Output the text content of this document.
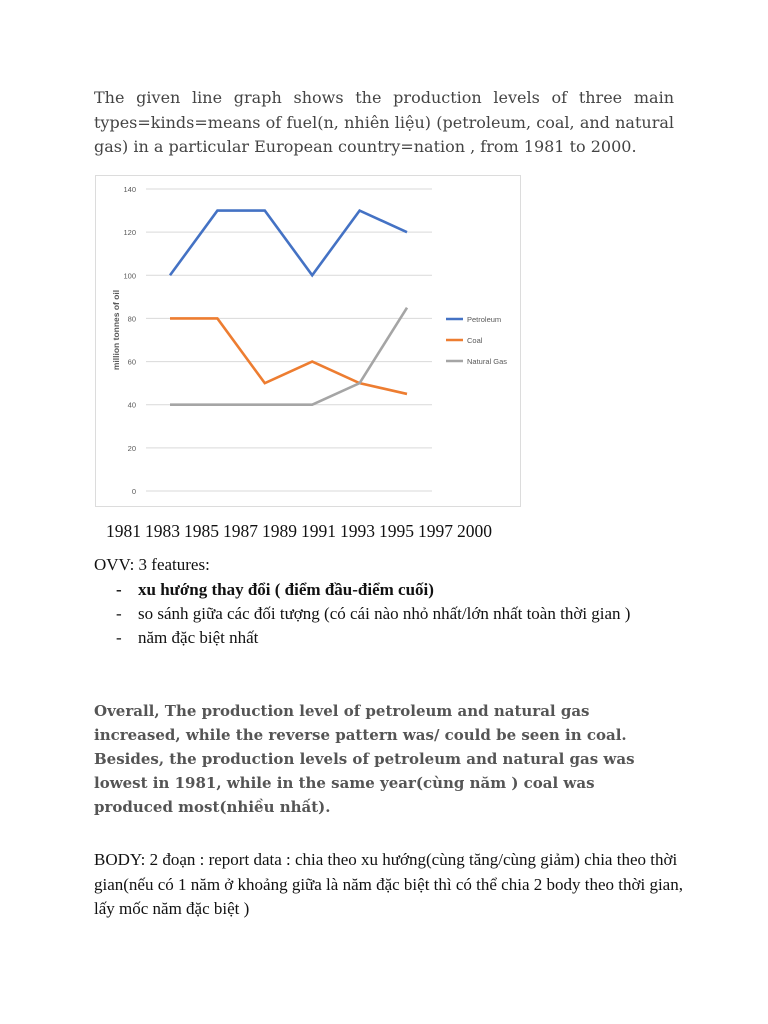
The given line graph shows the production levels of three main types=kinds=means of fuel(n, nhiên liệu) (petroleum, coal, and natural gas) in a particular European country=nation , from 1981 to 2000.

0
20
40
60
80
100
120
140
million tonnes of oil	Petroleum
Coal
Natural Gas
1981 1983 1985 1987 1989 1991 1993 1995 1997 2000

OVV: 3 features:

- xu hướng thay đổi ( điểm đầu-điểm cuối)
- so sánh giữa các đối tượng (có cái nào nhỏ nhất/lớn nhất toàn thời gian )
- năm đặc biệt nhất

Overall, The production level of petroleum and natural gas increased, while the reverse pattern was/ could be seen in coal. Besides, the production levels of petroleum and natural gas was lowest in 1981, while in the same year(cùng năm ) coal was produced most(nhiều nhất).

BODY: 2 đoạn : report data : chia theo xu hướng(cùng tăng/cùng giảm) chia theo thời gian(nếu có 1 năm ở khoảng giữa là năm đặc biệt thì có thể chia 2 body theo thời gian, lấy mốc năm đặc biệt )
